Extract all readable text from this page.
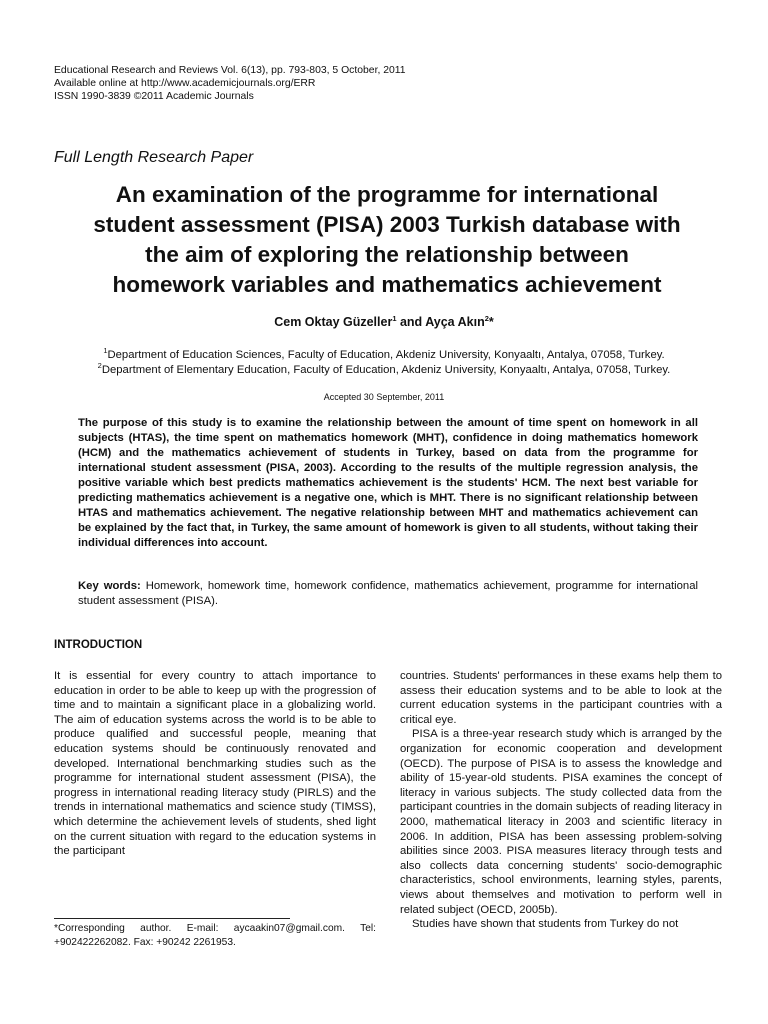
Educational Research and Reviews Vol. 6(13), pp. 793-803, 5 October, 2011
Available online at http://www.academicjournals.org/ERR
ISSN 1990-3839 ©2011 Academic Journals
Full Length Research Paper
An examination of the programme for international
student assessment (PISA) 2003 Turkish database with
the aim of exploring the relationship between
homework variables and mathematics achievement
Cem Oktay Güzeller$^1$ and Ayça Akın$^2$*
$^1$Department of Education Sciences, Faculty of Education, Akdeniz University, Konyaaltı, Antalya, 07058, Turkey.
$^2$Department of Elementary Education, Faculty of Education, Akdeniz University, Konyaaltı, Antalya, 07058, Turkey.
Accepted 30 September, 2011
The purpose of this study is to examine the relationship between the amount of time spent on homework in all subjects (HTAS), the time spent on mathematics homework (MHT), confidence in doing mathematics homework (HCM) and the mathematics achievement of students in Turkey, based on data from the programme for international student assessment (PISA, 2003). According to the results of the multiple regression analysis, the positive variable which best predicts mathematics achievement is the students' HCM. The next best variable for predicting mathematics achievement is a negative one, which is MHT. There is no significant relationship between HTAS and mathematics achievement. The negative relationship between MHT and mathematics achievement can be explained by the fact that, in Turkey, the same amount of homework is given to all students, without taking their individual differences into account.
Key words: Homework, homework time, homework confidence, mathematics achievement, programme for international student assessment (PISA).
INTRODUCTION

It is essential for every country to attach importance to education in order to be able to keep up with the progression of time and to maintain a significant place in a globalizing world. The aim of education systems across the world is to be able to produce qualified and successful people, meaning that education systems should be continuously renovated and developed. International benchmarking studies such as the programme for international student assessment (PISA), the progress in international reading literacy study (PIRLS) and the trends in international mathematics and science study (TIMSS), which determine the achievement levels of students, shed light on the current situation with regard to the education systems in the participant

countries. Students' performances in these exams help them to assess their education systems and to be able to look at the current education systems in the participant countries with a critical eye.

PISA is a three-year research study which is arranged by the organization for economic cooperation and development (OECD). The purpose of PISA is to assess the knowledge and ability of 15-year-old students. PISA examines the concept of literacy in various subjects. The study collected data from the participant countries in the domain subjects of reading literacy in 2000, mathematical literacy in 2003 and scientific literacy in 2006. In addition, PISA has been assessing problem-solving abilities since 2003. PISA measures literacy through tests and also collects data concerning students' socio-demographic characteristics, school environments, learning styles, parents, views about themselves and motivation to perform well in related subject (OECD, 2005b).

Studies have shown that students from Turkey do not

*Corresponding author. E-mail: aycaakin07@gmail.com. Tel: +902422262082. Fax: +90242 2261953.
